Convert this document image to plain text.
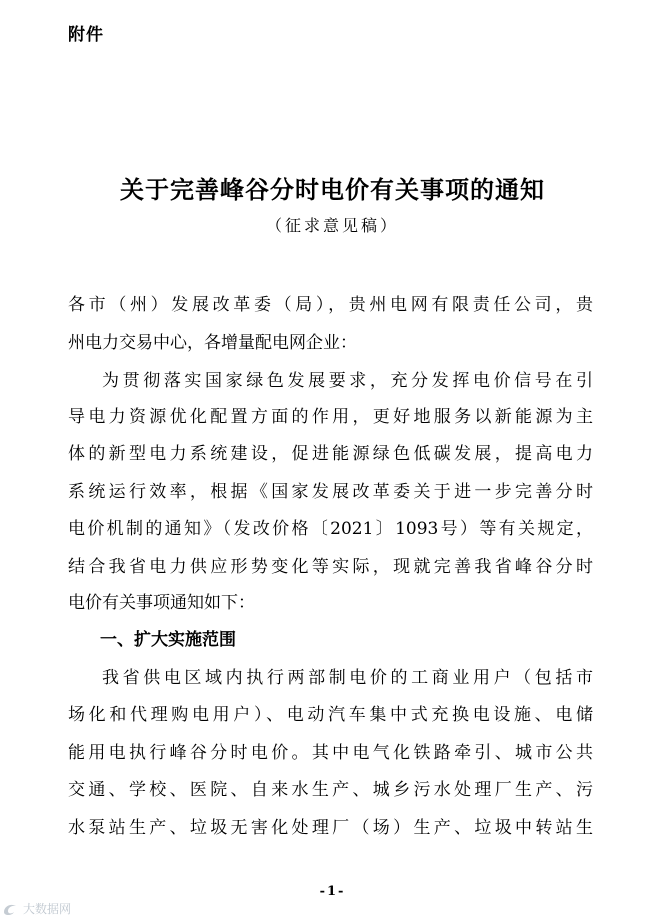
附件
关于完善峰谷分时电价有关事项的通知
（征求意见稿）
各市（州）发展改革委（局），贵州电网有限责任公司，贵
州电力交易中心，各增量配电网企业：
为贯彻落实国家绿色发展要求，充分发挥电价信号在引
导电力资源优化配置方面的作用，更好地服务以新能源为主
体的新型电力系统建设，促进能源绿色低碳发展，提高电力
系统运行效率，根据《国家发展改革委关于进一步完善分时
电价机制的通知》（发改价格〔2021〕1093号）等有关规定，
结合我省电力供应形势变化等实际，现就完善我省峰谷分时
电价有关事项通知如下：
一、扩大实施范围
我省供电区域内执行两部制电价的工商业用户（包括市
场化和代理购电用户）、电动汽车集中式充换电设施、电储
能用电执行峰谷分时电价。其中电气化铁路牵引、城市公共
交通、学校、医院、自来水生产、城乡污水处理厂生产、污
水泵站生产、垃圾无害化处理厂（场）生产、垃圾中转站生
-1-
大数据网
